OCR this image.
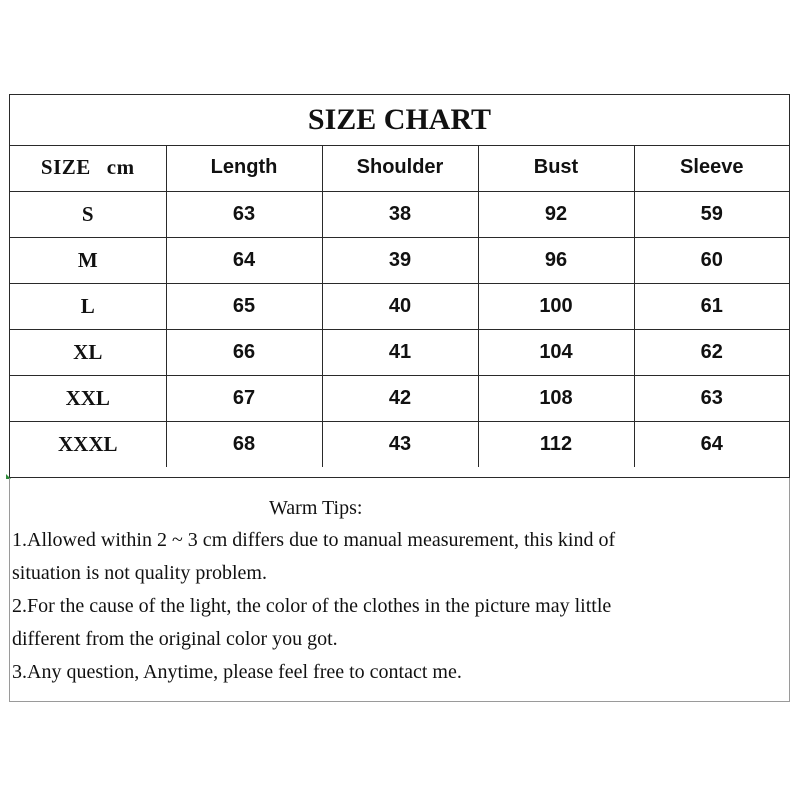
SIZE CHART
SIZE cm	Length	Shoulder	Bust	Sleeve
S	63	38	92	59
M	64	39	96	60
L	65	40	100	61
XL	66	41	104	62
XXL	67	42	108	63
XXXL	68	43	112	64
Warm Tips:
1.Allowed within 2 ~ 3 cm differs due to manual measurement, this kind of
situation is not quality problem.
2.For the cause of the light, the color of the clothes in the picture may little
different from the original color you got.
3.Any question, Anytime, please feel free to contact me.
